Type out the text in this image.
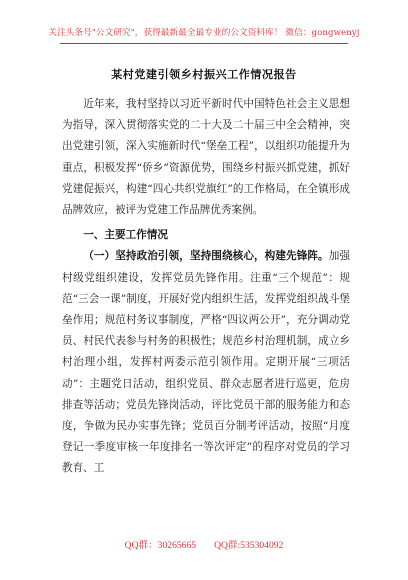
关注头条号"公文研究"，获得最新最全最专业的公文资料库！ 微信：gongwenyj
某村党建引领乡村振兴工作情况报告

近年来，我村坚持以习近平新时代中国特色社会主义思想为指导，深入贯彻落实党的二十大及二十届三中全会精神，突出党建引领，深入实施新时代“堡垒工程”，以组织功能提升为重点，积极发挥“侨乡”资源优势，围绕乡村振兴抓党建，抓好党建促振兴，构建“四心共织党旗红”的工作格局，在全镇形成品牌效应，被评为党建工作品牌优秀案例。

一、主要工作情况

（一）坚持政治引领，坚持围绕核心，构建先锋阵。加强村级党组织建设，发挥党员先锋作用。注重“三个规范”：规范“三会一课”制度，开展好党内组织生活，发挥党组织战斗堡垒作用；规范村务议事制度，严格“四议两公开”，充分调动党员、村民代表参与村务的积极性；规范乡村治理机制，成立乡村治理小组，发挥村两委示范引领作用。定期开展“三项活动”：主题党日活动，组织党员、群众志愿者进行巡更，危房排查等活动；党员先锋岗活动，评比党员干部的服务能力和态度，争做为民办实事先锋；党员百分制考评活动，按照“月度登记一季度审核一年度排名一等次评定”的程序对党员的学习教育、工

QQ群：30265665 QQ群:535304092
